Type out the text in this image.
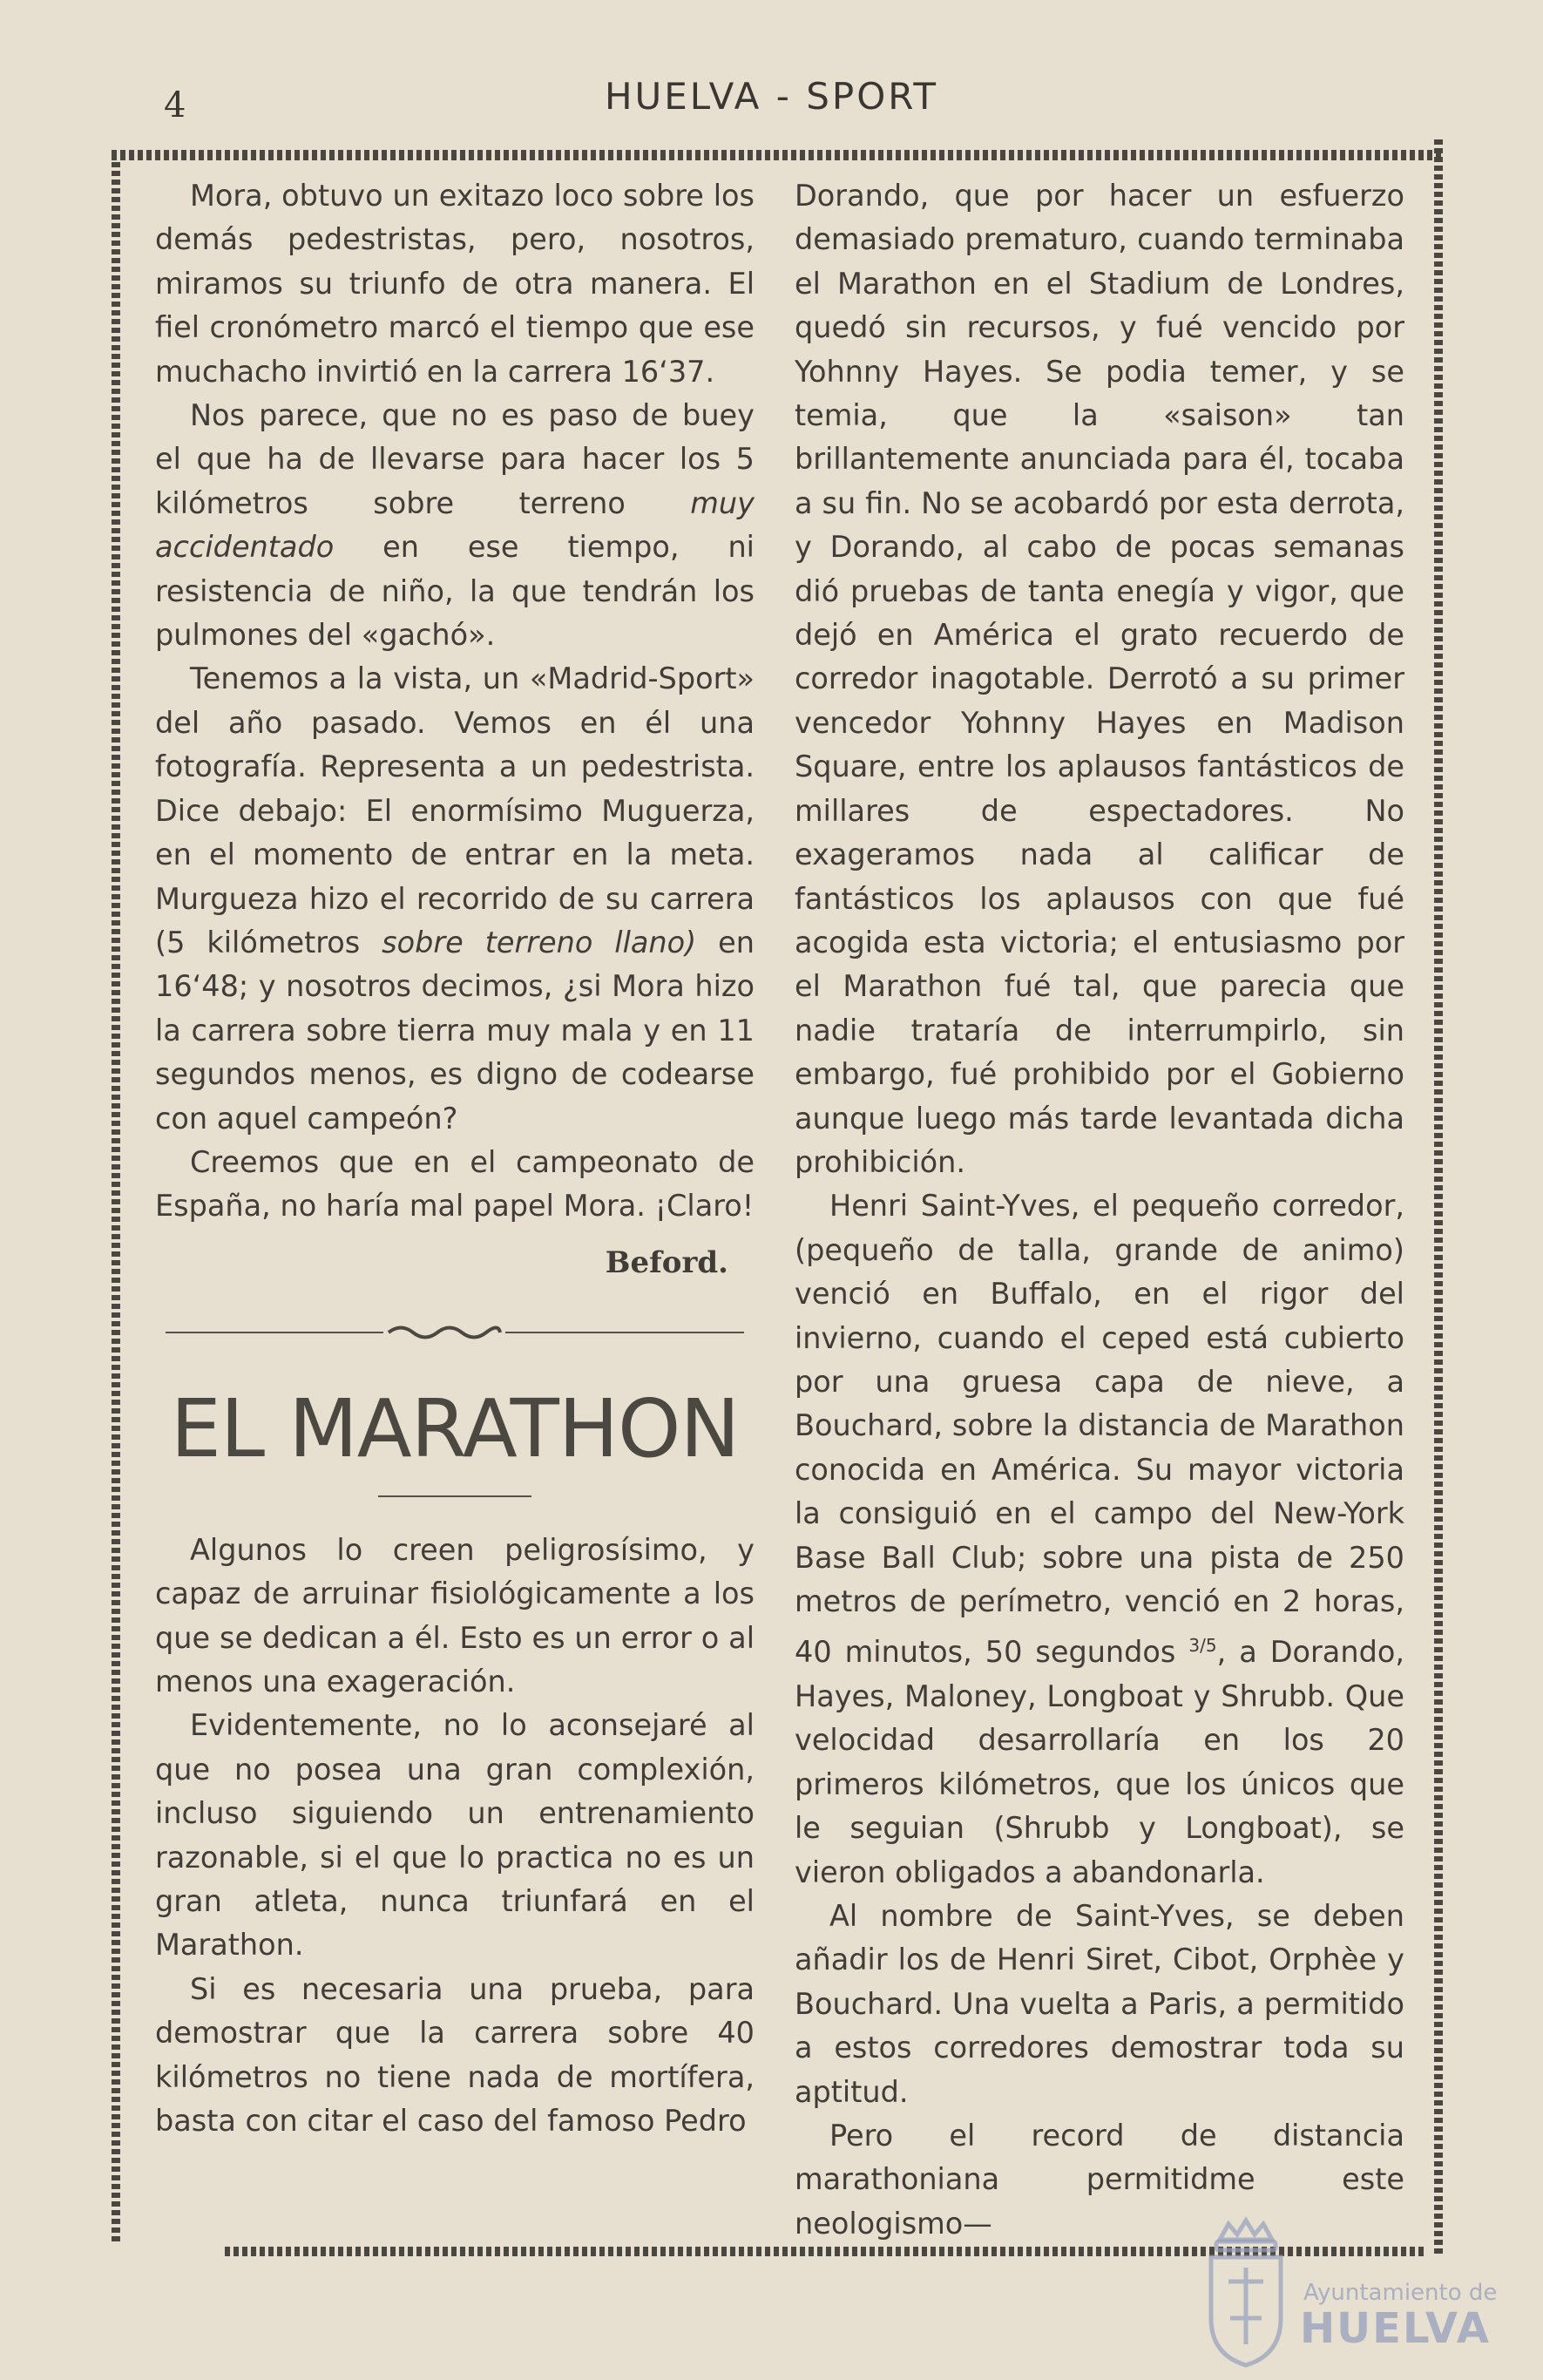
4	HUELVA - SPORT

Mora, obtuvo un exitazo loco sobre los demás pedestristas, pero, nosotros, miramos su triunfo de otra manera. El fiel cronómetro marcó el tiempo que ese muchacho invirtió en la carrera 16‘37.

Nos parece, que no es paso de buey el que ha de llevarse para hacer los 5 kilómetros sobre terreno muy accidentado en ese tiempo, ni resistencia de niño, la que tendrán los pulmones del «gachó».

Tenemos a la vista, un «Madrid-Sport» del año pasado. Vemos en él una fotografía. Representa a un pedestrista. Dice debajo: El enormísimo Muguerza, en el momento de entrar en la meta. Murgueza hizo el recorrido de su carrera (5 kilómetros sobre terreno llano) en 16‘48; y nosotros decimos, ¿si Mora hizo la carrera sobre tierra muy mala y en 11 segundos menos, es digno de codearse con aquel campeón?

Creemos que en el campeonato de España, no haría mal papel Mora. ¡Claro!

Beford.
EL MARATHON

Algunos lo creen peligrosísimo, y capaz de arruinar fisiológicamente a los que se dedican a él. Esto es un error o al menos una exageración.

Evidentemente, no lo aconsejaré al que no posea una gran complexión, incluso siguiendo un entrenamiento razonable, si el que lo practica no es un gran atleta, nunca triunfará en el Marathon.

Si es necesaria una prueba, para demostrar que la carrera sobre 40 kilómetros no tiene nada de mortífera, basta con citar el caso del famoso Pedro

Dorando, que por hacer un esfuerzo demasiado prematuro, cuando terminaba el Marathon en el Stadium de Londres, quedó sin recursos, y fué vencido por Yohnny Hayes. Se podia temer, y se temia, que la «saison» tan brillantemente anunciada para él, tocaba a su fin. No se acobardó por esta derrota, y Dorando, al cabo de pocas semanas dió pruebas de tanta enegía y vigor, que dejó en América el grato recuerdo de corredor inagotable. Derrotó a su primer vencedor Yohnny Hayes en Madison Square, entre los aplausos fantásticos de millares de espectadores. No exageramos nada al calificar de fantásticos los aplausos con que fué acogida esta victoria; el entusiasmo por el Marathon fué tal, que parecia que nadie trataría de interrumpirlo, sin embargo, fué prohibido por el Gobierno aunque luego más tarde levantada dicha prohibición.

Henri Saint-Yves, el pequeño corredor, (pequeño de talla, grande de animo) venció en Buffalo, en el rigor del invierno, cuando el ceped está cubierto por una gruesa capa de nieve, a Bouchard, sobre la distancia de Marathon conocida en América. Su mayor victoria la consiguió en el campo del New-York Base Ball Club; sobre una pista de 250 metros de perímetro, venció en 2 horas, 40 minutos, 50 segundos $^{3/5}$, a Dorando, Hayes, Maloney, Longboat y Shrubb. Que velocidad desarrollaría en los 20 primeros kilómetros, que los únicos que le seguian (Shrubb y Longboat), se vieron obligados a abandonarla.

Al nombre de Saint-Yves, se deben añadir los de Henri Siret, Cibot, Orphèe y Bouchard. Una vuelta a Paris, a permitido a estos corredores demostrar toda su aptitud.

Pero el record de distancia marathoniana permitidme este neologismo—

Ayuntamiento de
HUELVA
